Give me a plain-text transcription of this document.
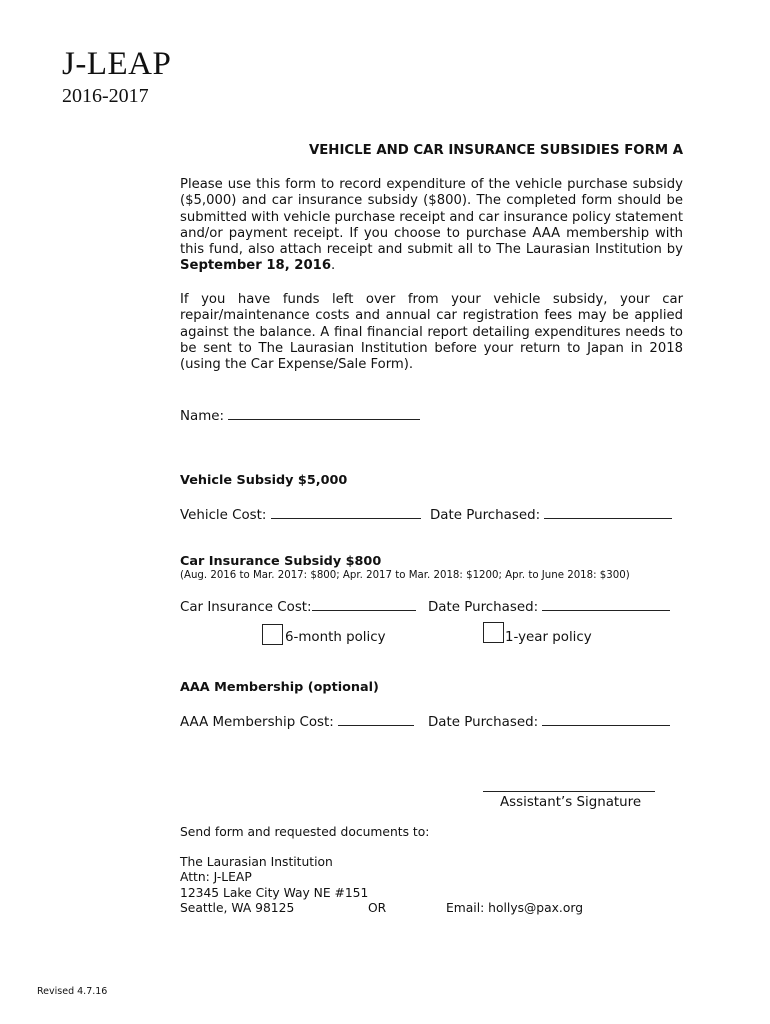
J-LEAP
2016-2017
VEHICLE AND CAR INSURANCE SUBSIDIES FORM A
Please use this form to record expenditure of the vehicle purchase subsidy ($5,000) and car insurance subsidy ($800). The completed form should be submitted with vehicle purchase receipt and car insurance policy statement and/or payment receipt. If you choose to purchase AAA membership with this fund, also attach receipt and submit all to The Laurasian Institution by September 18, 2016.
If you have funds left over from your vehicle subsidy, your car repair/maintenance costs and annual car registration fees may be applied against the balance. A final financial report detailing expenditures needs to be sent to The Laurasian Institution before your return to Japan in 2018 (using the Car Expense/Sale Form).
Name:
Vehicle Subsidy $5,000
Vehicle Cost:	Date Purchased:
Car Insurance Subsidy $800
(Aug. 2016 to Mar. 2017: $800; Apr. 2017 to Mar. 2018: $1200; Apr. to June 2018: $300)
Car Insurance Cost:	Date Purchased:
6-month policy	1-year policy
AAA Membership (optional)
AAA Membership Cost:	Date Purchased:
Assistant’s Signature
Send form and requested documents to:
The Laurasian Institution
Attn: J-LEAP
12345 Lake City Way NE #151
Seattle, WA 98125	OR	Email: hollys@pax.org
Revised 4.7.16
